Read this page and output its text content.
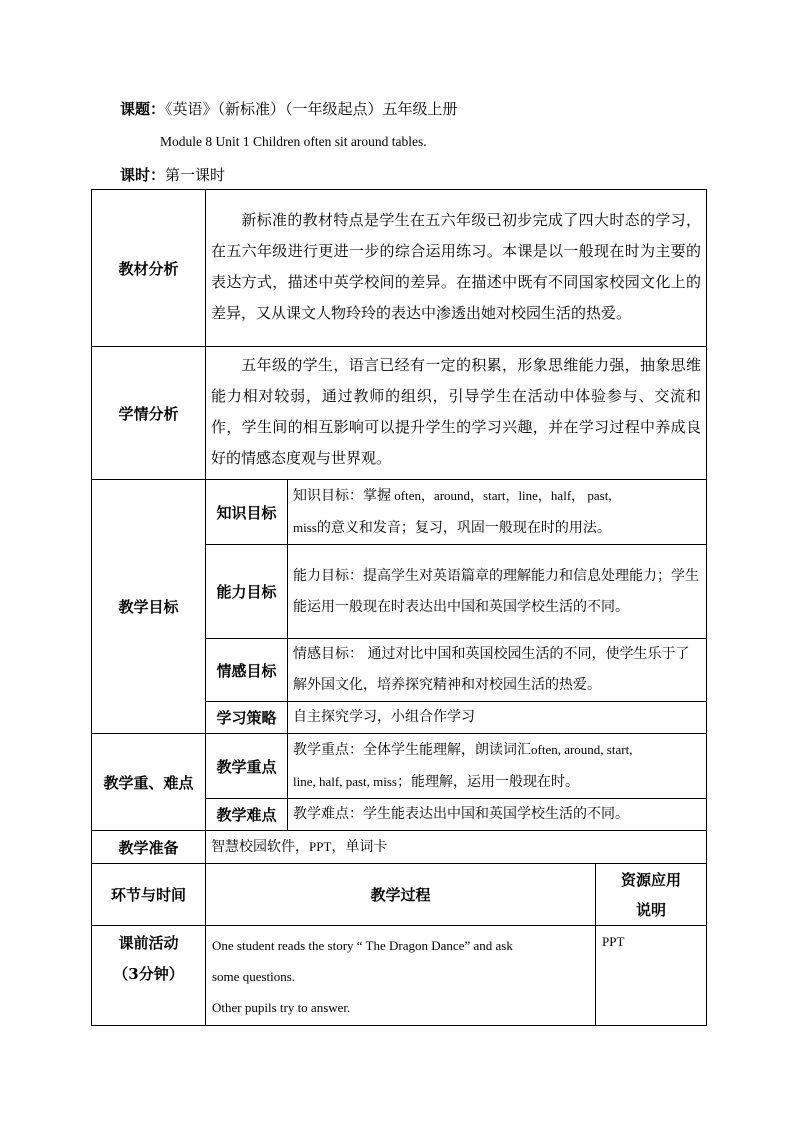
课题：《英语》（新标准）（一年级起点）五年级上册
Module 8 Unit 1 Children often sit around tables.
课时：第一课时
教材分析	新标准的教材特点是学生在五六年级已初步完成了四大时态的学习，在五六年级进行更进一步的综合运用练习。本课是以一般现在时为主要的表达方式，描述中英学校间的差异。在描述中既有不同国家校园文化上的差异，又从课文人物玲玲的表达中渗透出她对校园生活的热爱。		
学情分析	五年级的学生，语言已经有一定的积累，形象思维能力强，抽象思维能力相对较弱，通过教师的组织，引导学生在活动中体验参与、交流和作，学生间的相互影响可以提升学生的学习兴趣，并在学习过程中养成良好的情感态度观与世界观。		
教学目标	知识目标	知识目标：掌握 often，around，start，line，half， past,
miss的意义和发音；复习，巩固一般现在时的用法。	
	能力目标	能力目标：提高学生对英语篇章的理解能力和信息处理能力；学生能运用一般现在时表达出中国和英国学校生活的不同。	
	情感目标	情感目标： 通过对比中国和英国校园生活的不同，使学生乐于了解外国文化，培养探究精神和对校园生活的热爱。	
	学习策略	自主探究学习，小组合作学习	
教学重、难点	教学重点	教学重点：全体学生能理解，朗读词汇often, around, start,
line, half, past, miss；能理解，运用一般现在时。	
	教学难点	教学难点：学生能表达出中国和英国学校生活的不同。	
教学准备	智慧校园软件，PPT，单词卡		
环节与时间	教学过程		资源应用
说明
课前活动
（3分钟）	One student reads the story “ The Dragon Dance” and ask
some questions.
Other pupils try to answer.		PPT
